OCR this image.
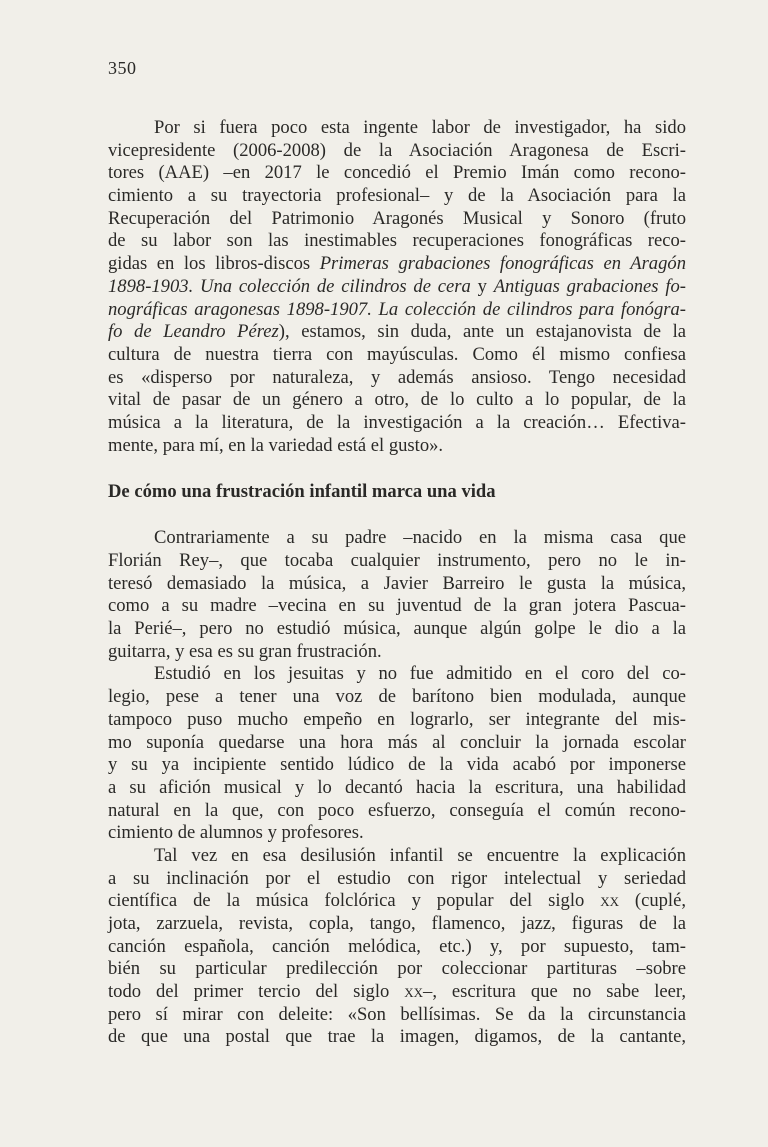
350
Por si fuera poco esta ingente labor de investigador, ha sido
vicepresidente (2006-2008) de la Asociación Aragonesa de Escri-
tores (AAE) –en 2017 le concedió el Premio Imán como recono-
cimiento a su trayectoria profesional– y de la Asociación para la
Recuperación del Patrimonio Aragonés Musical y Sonoro (fruto
de su labor son las inestimables recuperaciones fonográficas reco-
gidas en los libros-discos Primeras grabaciones fonográficas en Aragón
1898-1903. Una colección de cilindros de cera y Antiguas grabaciones fo-
nográficas aragonesas 1898-1907. La colección de cilindros para fonógra-
fo de Leandro Pérez), estamos, sin duda, ante un estajanovista de la
cultura de nuestra tierra con mayúsculas. Como él mismo confiesa
es «disperso por naturaleza, y además ansioso. Tengo necesidad
vital de pasar de un género a otro, de lo culto a lo popular, de la
música a la literatura, de la investigación a la creación… Efectiva-
mente, para mí, en la variedad está el gusto».
De cómo una frustración infantil marca una vida
Contrariamente a su padre –nacido en la misma casa que
Florián Rey–, que tocaba cualquier instrumento, pero no le in-
teresó demasiado la música, a Javier Barreiro le gusta la música,
como a su madre –vecina en su juventud de la gran jotera Pascua-
la Perié–, pero no estudió música, aunque algún golpe le dio a la
guitarra, y esa es su gran frustración.
Estudió en los jesuitas y no fue admitido en el coro del co-
legio, pese a tener una voz de barítono bien modulada, aunque
tampoco puso mucho empeño en lograrlo, ser integrante del mis-
mo suponía quedarse una hora más al concluir la jornada escolar
y su ya incipiente sentido lúdico de la vida acabó por imponerse
a su afición musical y lo decantó hacia la escritura, una habilidad
natural en la que, con poco esfuerzo, conseguía el común recono-
cimiento de alumnos y profesores.
Tal vez en esa desilusión infantil se encuentre la explicación
a su inclinación por el estudio con rigor intelectual y seriedad
científica de la música folclórica y popular del siglo xx (cuplé,
jota, zarzuela, revista, copla, tango, flamenco, jazz, figuras de la
canción española, canción melódica, etc.) y, por supuesto, tam-
bién su particular predilección por coleccionar partituras –sobre
todo del primer tercio del siglo xx–, escritura que no sabe leer,
pero sí mirar con deleite: «Son bellísimas. Se da la circunstancia
de que una postal que trae la imagen, digamos, de la cantante,
